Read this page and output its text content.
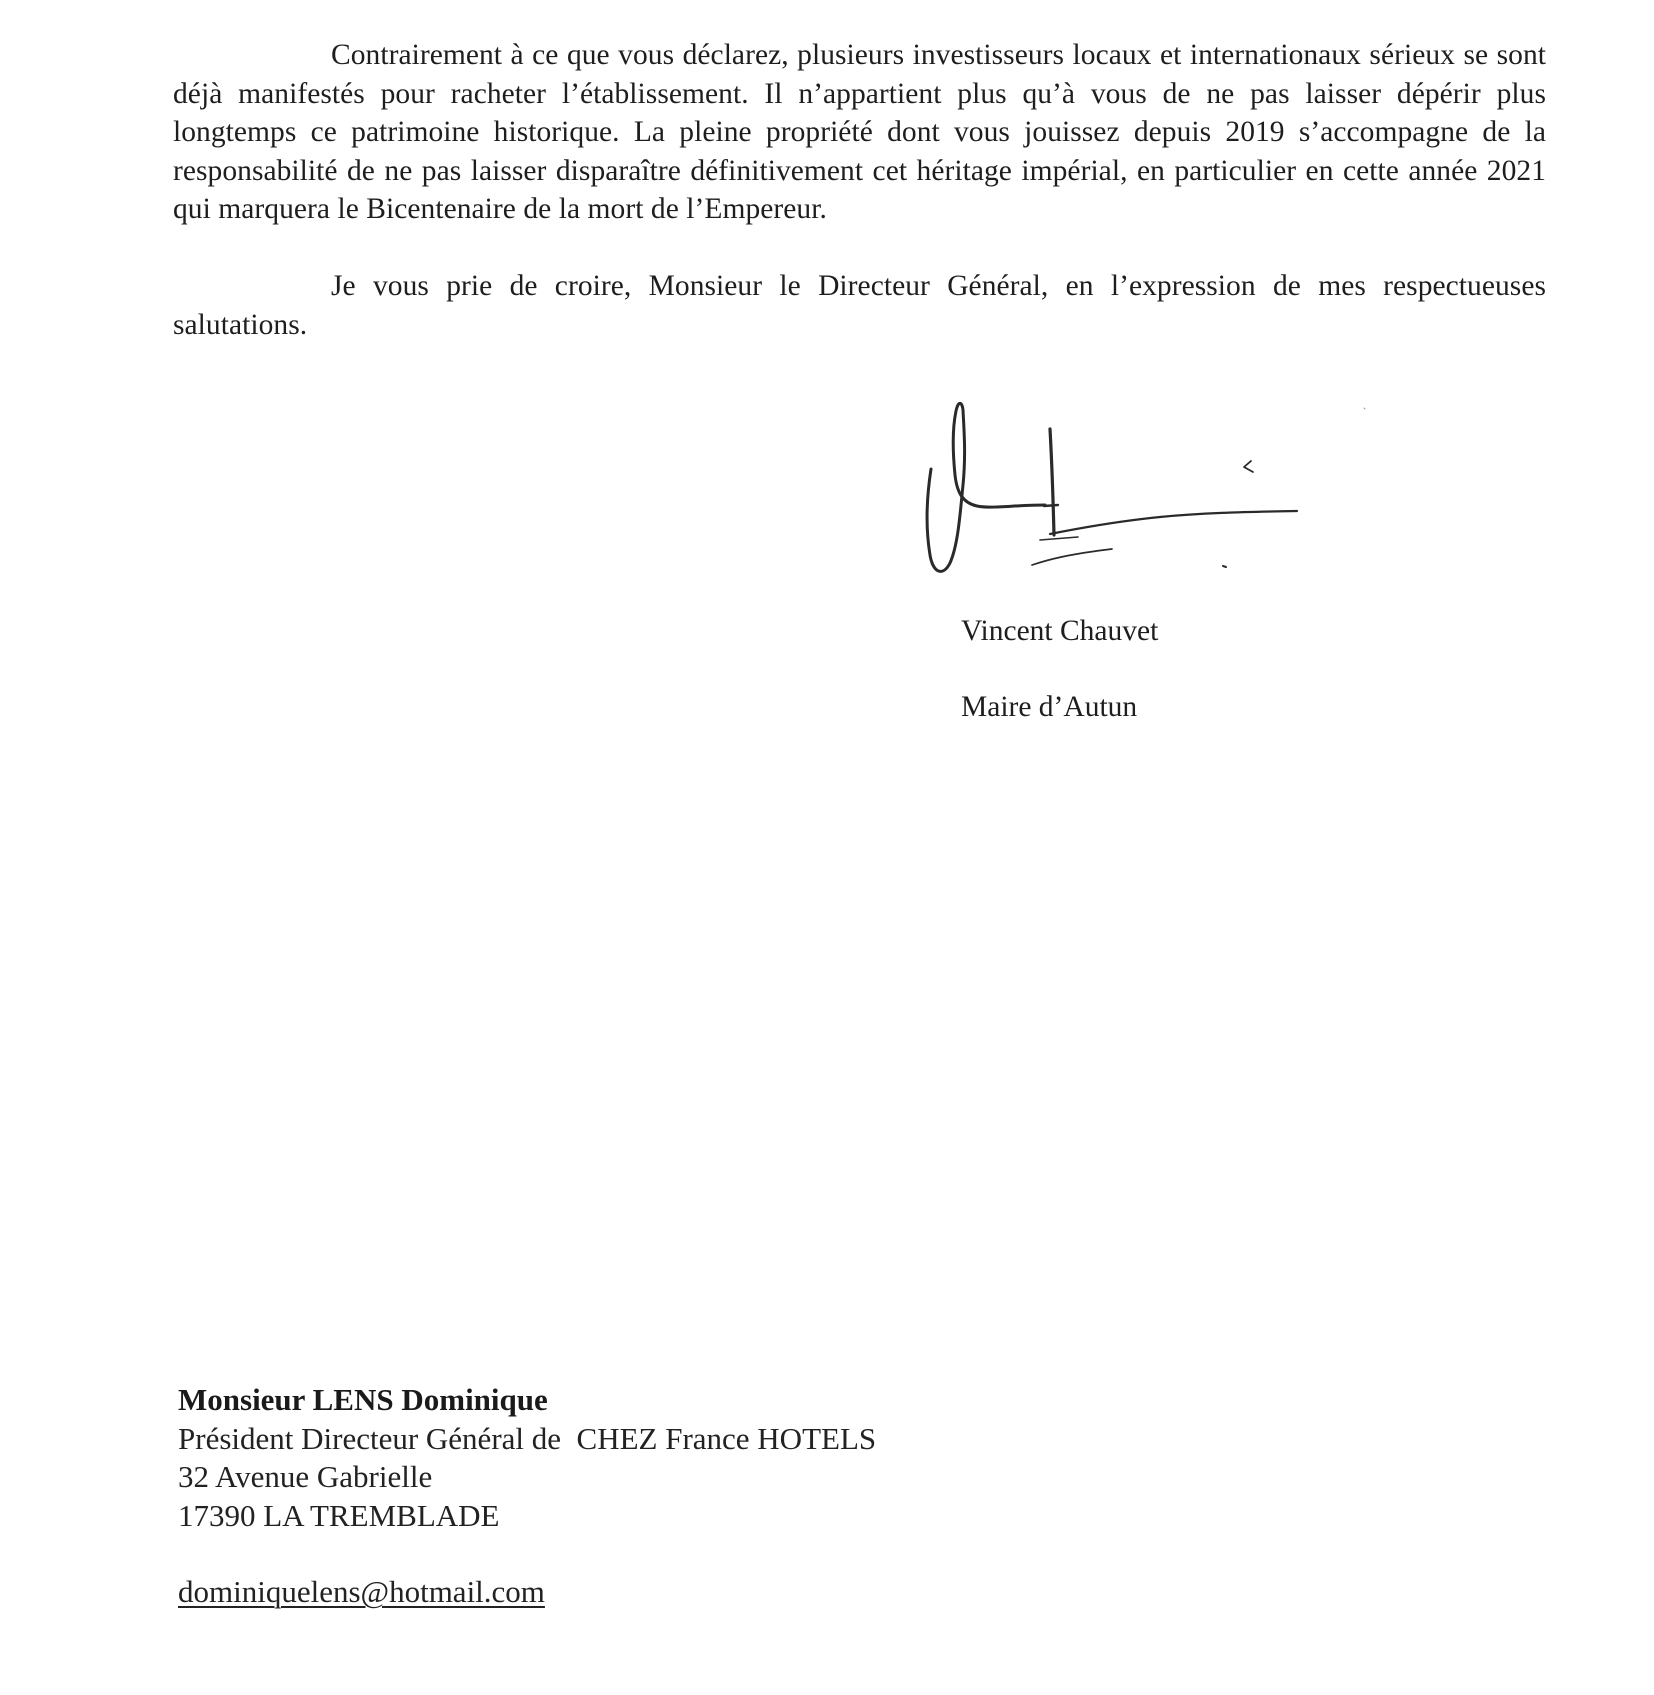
Contrairement à ce que vous déclarez, plusieurs investisseurs locaux et internationaux sérieux se sont déjà manifestés pour racheter l’établissement. Il n’appartient plus qu’à vous de ne pas laisser dépérir plus longtemps ce patrimoine historique. La pleine propriété dont vous jouissez depuis 2019 s’accompagne de la responsabilité de ne pas laisser disparaître définitivement cet héritage impérial, en particulier en cette année 2021 qui marquera le Bicentenaire de la mort de l’Empereur.

Je vous prie de croire, Monsieur le Directeur Général, en l’expression de mes respectueuses salutations.

Vincent Chauvet

Maire d’Autun

Monsieur LENS Dominique

Président Directeur Général de  CHEZ France HOTELS

32 Avenue Gabrielle

17390 LA TREMBLADE

dominiquelens@hotmail.com
